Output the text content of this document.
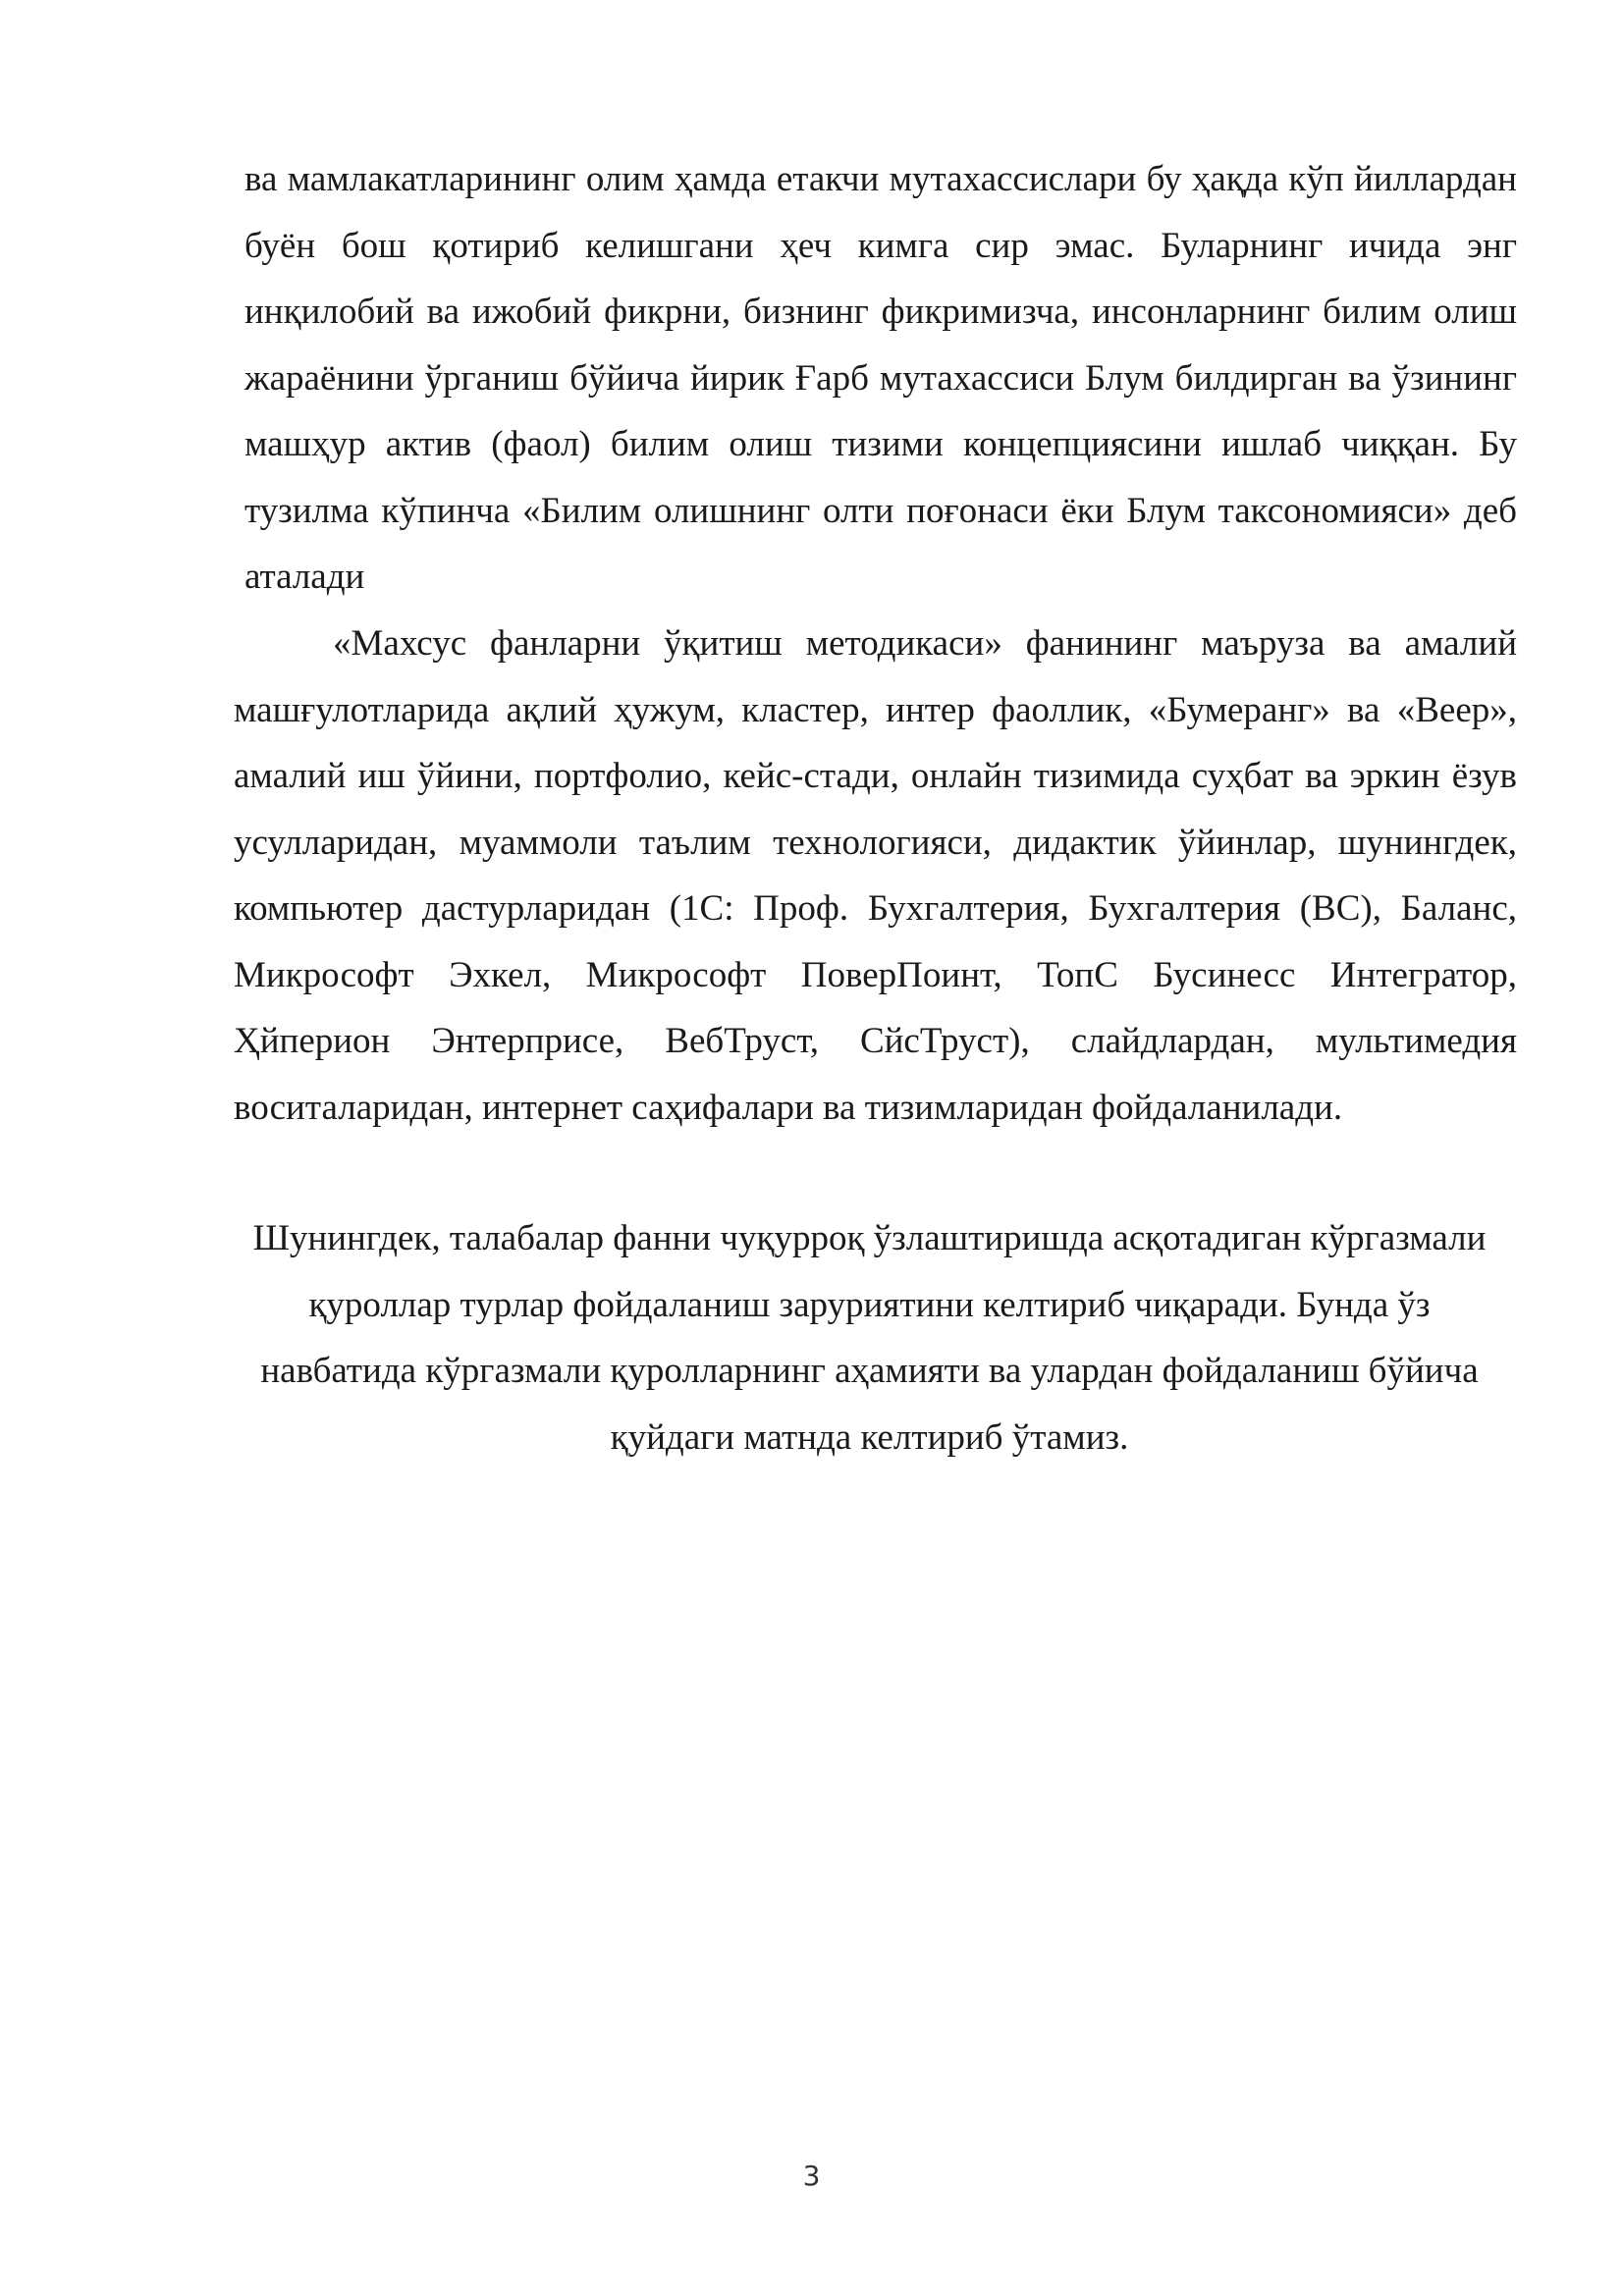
ва мамлакатларининг олим ҳамда етакчи мутахассислари бу ҳақда кўп йиллардан буён бош қотириб келишгани ҳеч кимга сир эмас. Буларнинг ичида энг инқилобий ва ижобий фикрни, бизнинг фикримизча, инсонларнинг билим олиш жараёнини ўрганиш бўйича йирик Ғарб мутахассиси Блум билдирган ва ўзининг машҳур актив (фаол) билим олиш тизими концепциясини ишлаб чиққан. Бу тузилма кўпинча «Билим олишнинг олти поғонаси ёки Блум таксономияси» деб аталади

«Махсус фанларни ўқитиш методикаси» фанининг маъруза ва амалий машғулотларида ақлий ҳужум, кластер, интер фаоллик, «Бумеранг» ва «Веер», амалий иш ўйини, портфолио, кейс-стади, онлайн тизимида суҳбат ва эркин ёзув усулларидан, муаммоли таълим технологияси, дидактик ўйинлар, шунингдек, компьютер дастурларидан (1С: Проф. Бухгалтерия, Бухгалтерия (ВС), Баланс, Микрософт Эхкел, Микрософт ПоверПоинт, ТопС Бусинесс Интегратор, Ҳйперион Энтерприсе, ВебТруст, СйсТруст), слайдлардан, мультимедия воситаларидан, интернет саҳифалари ва тизимларидан фойдаланилади.

Шунингдек, талабалар фанни чуқурроқ ўзлаштиришда асқотадиган кўргазмали қуроллар турлар фойдаланиш заруриятини келтириб чиқаради. Бунда ўз навбатида кўргазмали қуролларнинг аҳамияти ва улардан фойдаланиш бўйича қуйдаги матнда келтириб ўтамиз.

3
